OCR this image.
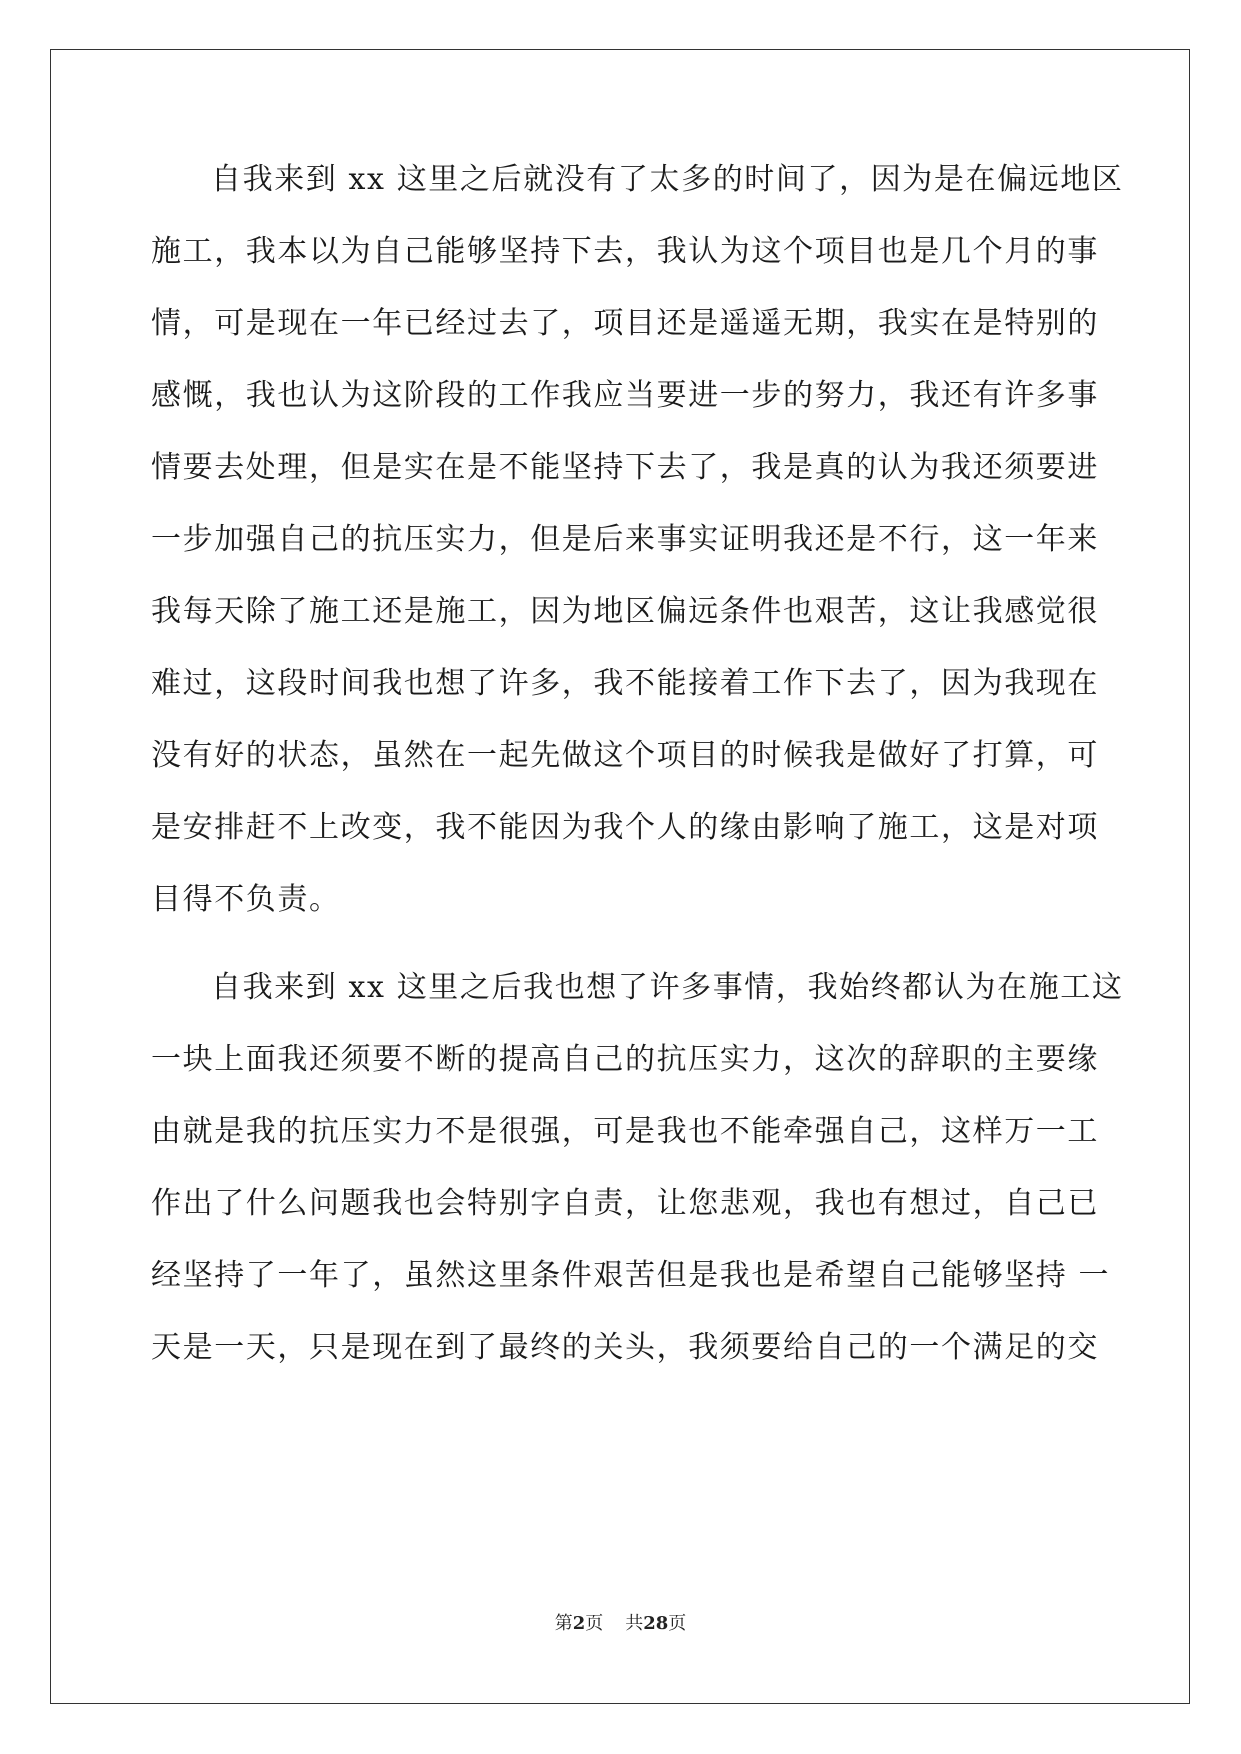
自我来到 xx 这里之后就没有了太多的时间了，因为是在偏远地区
施工，我本以为自己能够坚持下去，我认为这个项目也是几个月的事
情，可是现在一年已经过去了，项目还是遥遥无期，我实在是特别的
感慨，我也认为这阶段的工作我应当要进一步的努力，我还有许多事
情要去处理，但是实在是不能坚持下去了，我是真的认为我还须要进
一步加强自己的抗压实力，但是后来事实证明我还是不行，这一年来
我每天除了施工还是施工，因为地区偏远条件也艰苦，这让我感觉很
难过，这段时间我也想了许多，我不能接着工作下去了，因为我现在
没有好的状态，虽然在一起先做这个项目的时候我是做好了打算，可
是安排赶不上改变，我不能因为我个人的缘由影响了施工，这是对项
目得不负责。
自我来到 xx 这里之后我也想了许多事情，我始终都认为在施工这
一块上面我还须要不断的提高自己的抗压实力，这次的辞职的主要缘
由就是我的抗压实力不是很强，可是我也不能牵强自己，这样万一工
作出了什么问题我也会特别字自责，让您悲观，我也有想过，自己已
经坚持了一年了，虽然这里条件艰苦但是我也是希望自己能够坚持 一
天是一天，只是现在到了最终的关头，我须要给自己的一个满足的交
第2页 共28页
